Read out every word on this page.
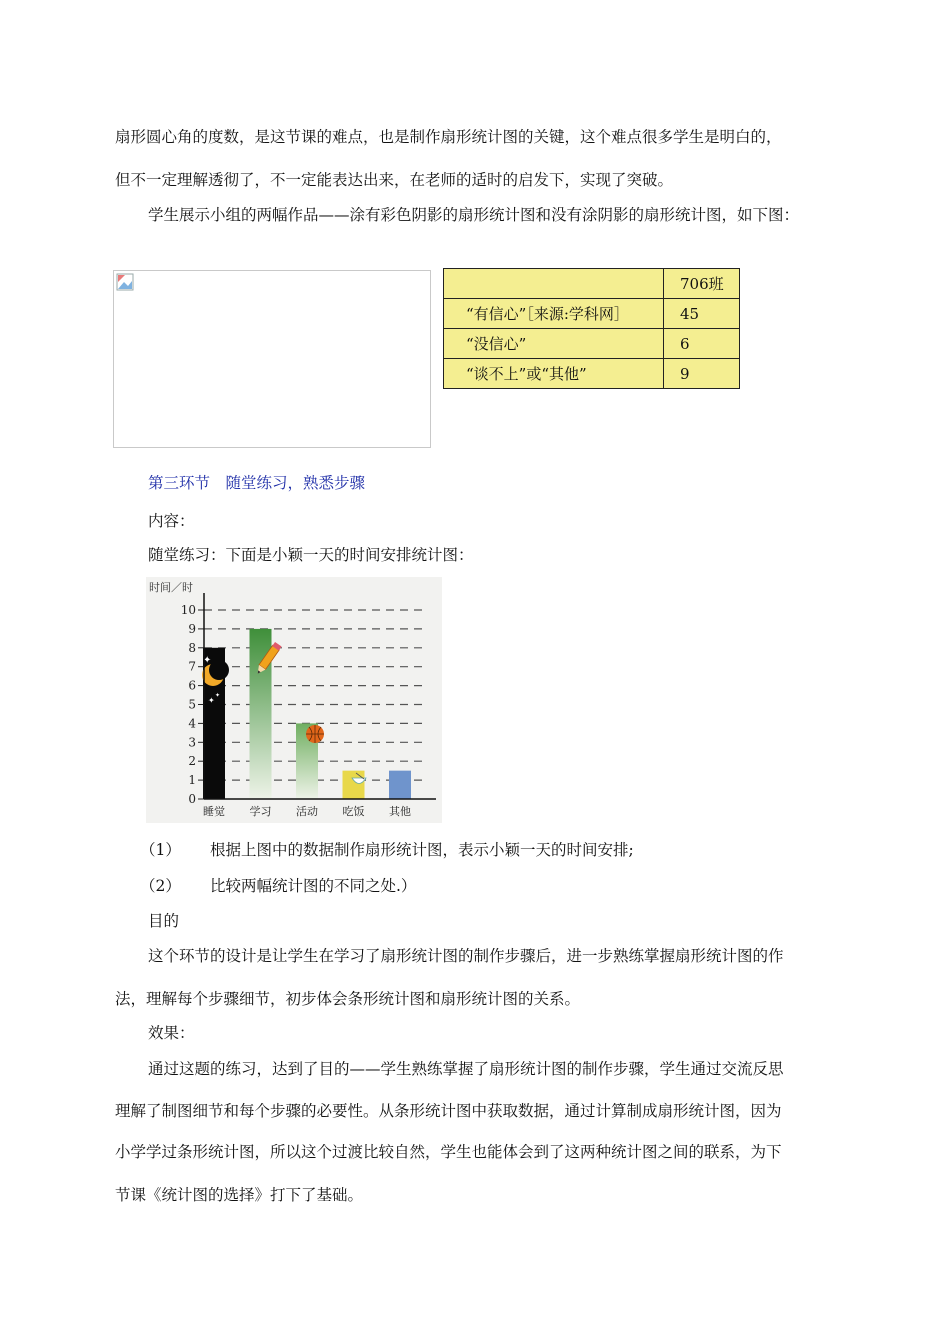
扇形圆心角的度数，是这节课的难点，也是制作扇形统计图的关键，这个难点很多学生是明白的，
但不一定理解透彻了，不一定能表达出来，在老师的适时的启发下，实现了突破。
学生展示小组的两幅作品——涂有彩色阴影的扇形统计图和没有涂阴影的扇形统计图，如下图：
	706班
“有信心”［来源:学科网］	45
“没信心”	6
“谈不上”或“其他”	9
第三环节　随堂练习，熟悉步骤
内容：
随堂练习：下面是小颖一天的时间安排统计图：
时间／时
✦
✦
✦
0
1
2
3
4
5
6
7
8
9
10
睡觉 学习 活动 吃饭 其他
（1） 根据上图中的数据制作扇形统计图，表示小颖一天的时间安排;
（2） 比较两幅统计图的不同之处.）
目的
这个环节的设计是让学生在学习了扇形统计图的制作步骤后，进一步熟练掌握扇形统计图的作
法，理解每个步骤细节，初步体会条形统计图和扇形统计图的关系。
效果：
通过这题的练习，达到了目的——学生熟练掌握了扇形统计图的制作步骤，学生通过交流反思
理解了制图细节和每个步骤的必要性。从条形统计图中获取数据，通过计算制成扇形统计图，因为
小学学过条形统计图，所以这个过渡比较自然，学生也能体会到了这两种统计图之间的联系，为下
节课《统计图的选择》打下了基础。
